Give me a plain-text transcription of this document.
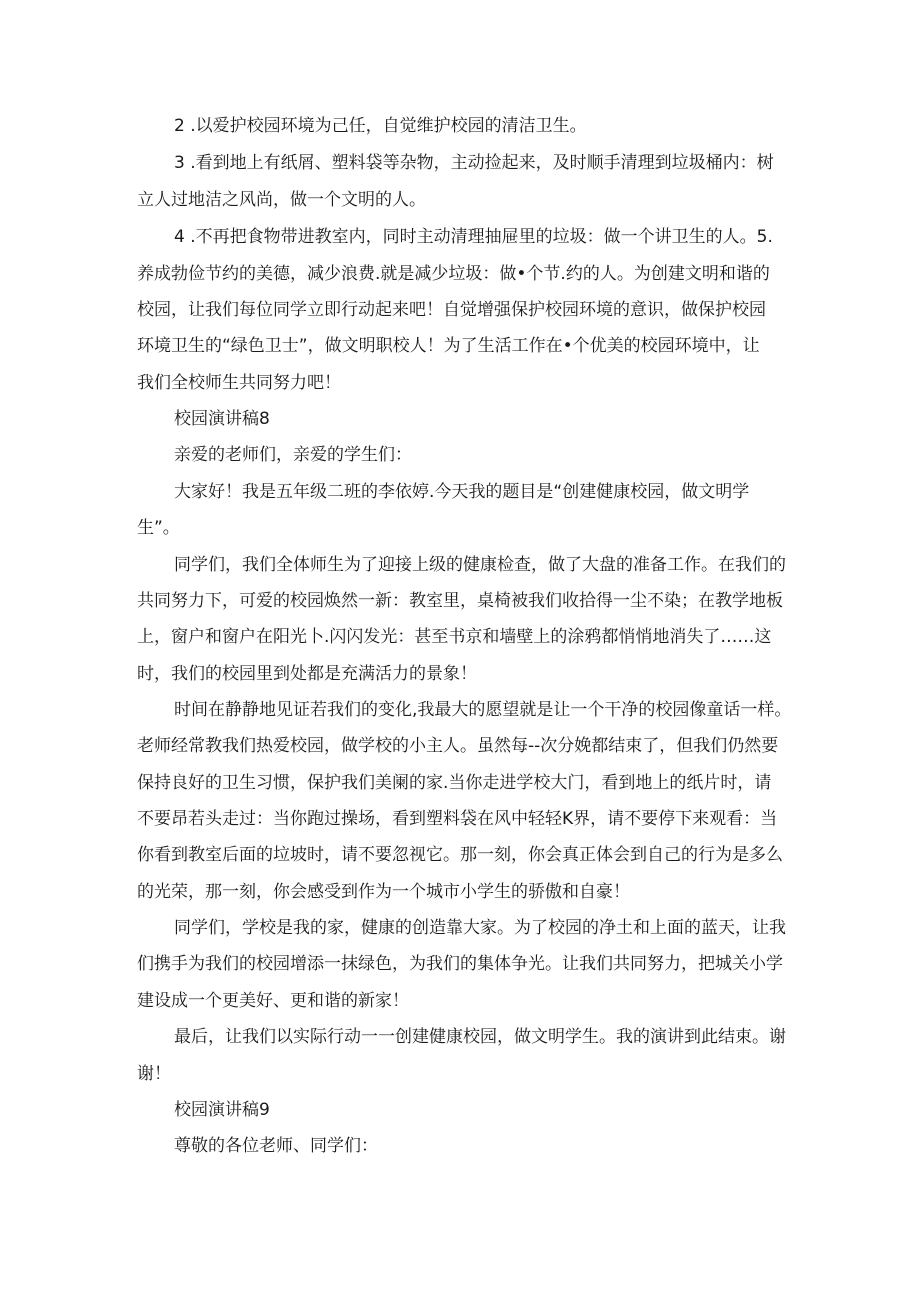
2 .以爱护校园环境为己任，自觉维护校园的清洁卫生。
3 .看到地上有纸屑、塑料袋等杂物，主动捡起来，及时顺手清理到垃圾桶内：树
立人过地洁之风尚，做一个文明的人。
4 .不再把食物带进教室内，同时主动清理抽屉里的垃圾：做一个讲卫生的人。5.
养成勃俭节约的美德，减少浪费.就是减少垃圾：做•个节.约的人。为创建文明和谐的
校园，让我们每位同学立即行动起来吧！自觉增强保护校园环境的意识，做保护校园
环境卫生的“绿色卫士”，做文明职校人！为了生活工作在•个优美的校园环境中，让
我们全校师生共同努力吧！
校园演讲稿8
亲爱的老师们，亲爱的学生们：
大家好！我是五年级二班的李依婷.今天我的题目是“创建健康校园，做文明学
生”。
同学们，我们全体师生为了迎接上级的健康检查，做了大盘的准备工作。在我们的
共同努力下，可爱的校园焕然一新：教室里，桌椅被我们收拾得一尘不染；在教学地板
上，窗户和窗户在阳光卜.闪闪发光：甚至书京和墙壁上的涂鸦都悄悄地消失了……这
时，我们的校园里到处都是充满活力的景象！
时间在静静地见证若我们的变化,我最大的愿望就是让一个干净的校园像童话一样。
老师经常教我们热爱校园，做学校的小主人。虽然每--次分娩都结束了，但我们仍然要
保持良好的卫生习惯，保护我们美阑的家.当你走进学校大门，看到地上的纸片时，请
不要昂若头走过：当你跑过操场，看到塑料袋在风中轻轻K界，请不要停下来观看：当
你看到教室后面的垃坡时，请不要忽视它。那一刻，你会真正体会到自己的行为是多么
的光荣，那一刻，你会感受到作为一个城市小学生的骄傲和自豪！
同学们，学校是我的家，健康的创造靠大家。为了校园的净土和上面的蓝天，让我
们携手为我们的校园增添一抹绿色，为我们的集体争光。让我们共同努力，把城关小学
建设成一个更美好、更和谐的新家！
最后，让我们以实际行动一一创建健康校园，做文明学生。我的演讲到此结束。谢
谢！
校园演讲稿9
尊敬的各位老师、同学们：
